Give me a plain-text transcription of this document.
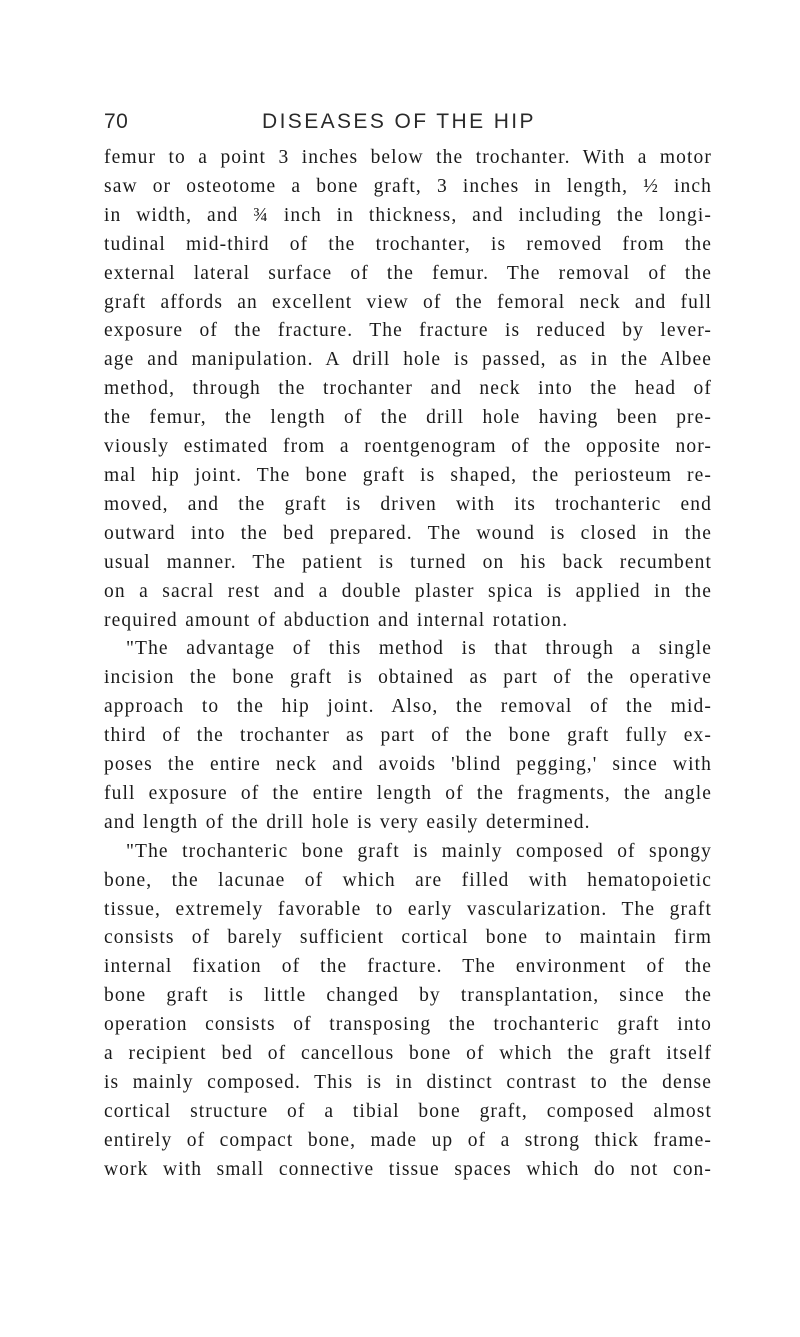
70	DISEASES OF THE HIP

femur to a point 3 inches below the trochanter. With a motor

saw or osteotome a bone graft, 3 inches in length, ½ inch

in width, and ¾ inch in thickness, and including the longi-

tudinal mid-third of the trochanter, is removed from the

external lateral surface of the femur. The removal of the

graft affords an excellent view of the femoral neck and full

exposure of the fracture. The fracture is reduced by lever-

age and manipulation. A drill hole is passed, as in the Albee

method, through the trochanter and neck into the head of

the femur, the length of the drill hole having been pre-

viously estimated from a roentgenogram of the opposite nor-

mal hip joint. The bone graft is shaped, the periosteum re-

moved, and the graft is driven with its trochanteric end

outward into the bed prepared. The wound is closed in the

usual manner. The patient is turned on his back recumbent

on a sacral rest and a double plaster spica is applied in the

required amount of abduction and internal rotation.

"The advantage of this method is that through a single

incision the bone graft is obtained as part of the operative

approach to the hip joint. Also, the removal of the mid-

third of the trochanter as part of the bone graft fully ex-

poses the entire neck and avoids 'blind pegging,' since with

full exposure of the entire length of the fragments, the angle

and length of the drill hole is very easily determined.

"The trochanteric bone graft is mainly composed of spongy

bone, the lacunae of which are filled with hematopoietic

tissue, extremely favorable to early vascularization. The graft

consists of barely sufficient cortical bone to maintain firm

internal fixation of the fracture. The environment of the

bone graft is little changed by transplantation, since the

operation consists of transposing the trochanteric graft into

a recipient bed of cancellous bone of which the graft itself

is mainly composed. This is in distinct contrast to the dense

cortical structure of a tibial bone graft, composed almost

entirely of compact bone, made up of a strong thick frame-

work with small connective tissue spaces which do not con-
